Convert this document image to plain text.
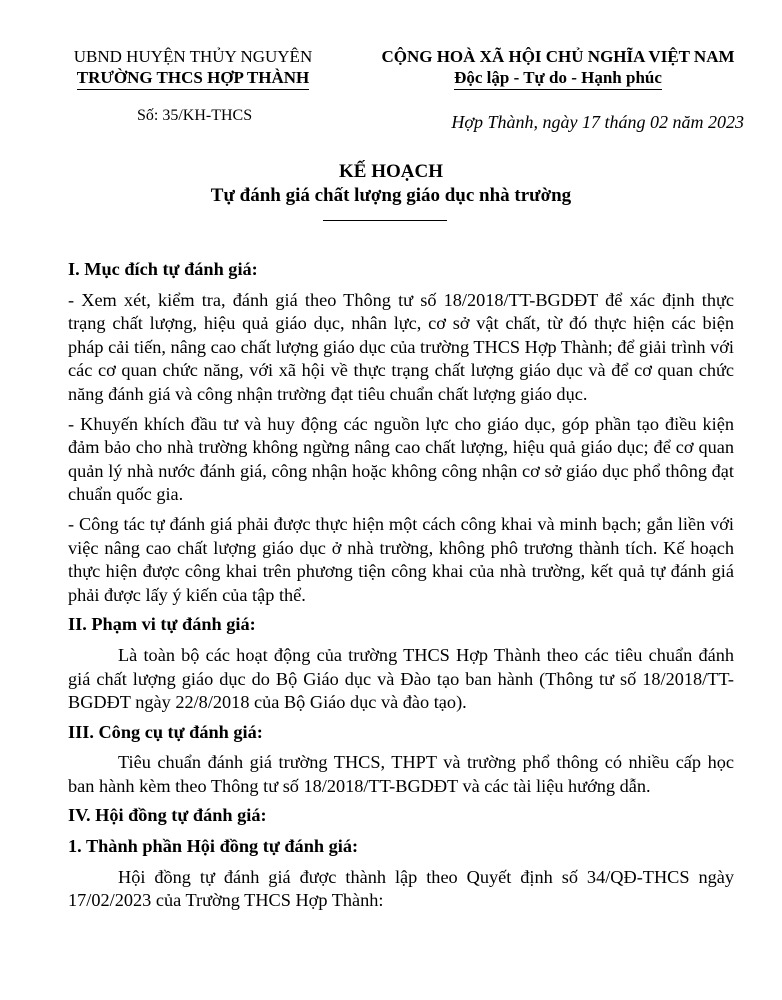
UBND HUYỆN THỦY NGUYÊN
TRƯỜNG THCS HỢP THÀNH
CỘNG HOÀ XÃ HỘI CHỦ NGHĨA VIỆT NAM
Độc lập - Tự do - Hạnh phúc
Số: 35/KH-THCS	Hợp Thành, ngày 17 tháng 02 năm 2023
KẾ HOẠCH
Tự đánh giá chất lượng giáo dục nhà trường
I. Mục đích tự đánh giá:

- Xem xét, kiểm tra, đánh giá theo Thông tư số 18/2018/TT-BGDĐT để xác định thực trạng chất lượng, hiệu quả giáo dục, nhân lực, cơ sở vật chất, từ đó thực hiện các biện pháp cải tiến, nâng cao chất lượng giáo dục của trường THCS Hợp Thành; để giải trình với các cơ quan chức năng, với xã hội về thực trạng chất lượng giáo dục và để cơ quan chức năng đánh giá và công nhận trường đạt tiêu chuẩn chất lượng giáo dục.

- Khuyến khích đầu tư và huy động các nguồn lực cho giáo dục, góp phần tạo điều kiện đảm bảo cho nhà trường không ngừng nâng cao chất lượng, hiệu quả giáo dục; để cơ quan quản lý nhà nước đánh giá, công nhận hoặc không công nhận cơ sở giáo dục phổ thông đạt chuẩn quốc gia.

- Công tác tự đánh giá phải được thực hiện một cách công khai và minh bạch; gắn liền với việc nâng cao chất lượng giáo dục ở nhà trường, không phô trương thành tích. Kế hoạch thực hiện được công khai trên phương tiện công khai của nhà trường, kết quả tự đánh giá phải được lấy ý kiến của tập thể.

II. Phạm vi tự đánh giá:

Là toàn bộ các hoạt động của trường THCS Hợp Thành theo các tiêu chuẩn đánh giá chất lượng giáo dục do Bộ Giáo dục và Đào tạo ban hành (Thông tư số 18/2018/TT-BGDĐT ngày 22/8/2018 của Bộ Giáo dục và đào tạo).

III. Công cụ tự đánh giá:

Tiêu chuẩn đánh giá trường THCS, THPT và trường phổ thông có nhiều cấp học ban hành kèm theo Thông tư số 18/2018/TT-BGDĐT và các tài liệu hướng dẫn.

IV. Hội đồng tự đánh giá:
1. Thành phần Hội đồng tự đánh giá:

Hội đồng tự đánh giá được thành lập theo Quyết định số 34/QĐ-THCS ngày 17/02/2023 của Trường THCS Hợp Thành:
